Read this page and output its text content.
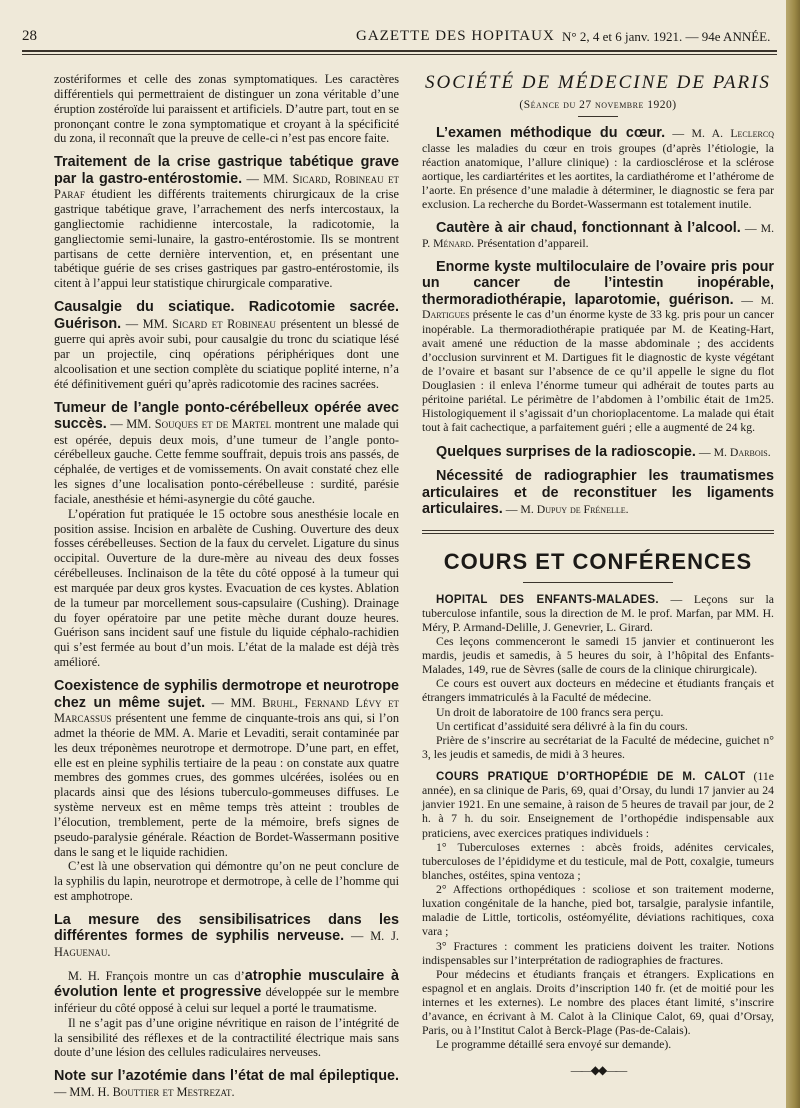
28	GAZETTE DES HOPITAUX N° 2, 4 et 6 janv. 1921. — 94e ANNÉE.

zostériformes et celle des zonas symptomatiques. Les caractères différentiels qui permettraient de distinguer un zona véritable d’une éruption zostéroïde lui paraissent et artificiels. D’autre part, tout en se prononçant contre le zona symptomatique et croyant à la spécificité du zona, il reconnaît que la preuve de celle-ci n’est pas encore faite.

Traitement de la crise gastrique tabétique grave par la gastro-entérostomie. — MM. Sicard, Robineau et Paraf étudient les différents traitements chirurgicaux de la crise gastrique tabétique grave, l’arrachement des nerfs intercostaux, la gangliectomie rachidienne intercostale, la radicotomie, la gangliectomie semi-lunaire, la gastro-entérostomie. Ils se montrent partisans de cette dernière intervention, et, en présentant une tabétique guérie de ses crises gastriques par gastro-entérostomie, ils citent à l’appui leur statistique chirurgicale comparative.

Causalgie du sciatique. Radicotomie sacrée. Guérison. — MM. Sicard et Robineau présentent un blessé de guerre qui après avoir subi, pour causalgie du tronc du sciatique lésé par un projectile, cinq opérations périphériques dont une alcoolisation et une section complète du sciatique poplité interne, n’a été définitivement guéri qu’après radicotomie des racines sacrées.

Tumeur de l’angle ponto-cérébelleux opérée avec succès. — MM. Souques et de Martel montrent une malade qui est opérée, depuis deux mois, d’une tumeur de l’angle ponto-cérébelleux gauche. Cette femme souffrait, depuis trois ans passés, de céphalée, de vertiges et de vomissements. On avait constaté chez elle les signes d’une localisation ponto-cérébelleuse : surdité, parésie faciale, anesthésie et hémi-asynergie du côté gauche.

L’opération fut pratiquée le 15 octobre sous anesthésie locale en position assise. Incision en arbalète de Cushing. Ouverture des deux fosses cérébelleuses. Section de la faux du cervelet. Ligature du sinus occipital. Ouverture de la dure-mère au niveau des deux fosses cérébelleuses. Inclinaison de la tête du côté opposé à la tumeur qui est marquée par deux gros kystes. Evacuation de ces kystes. Ablation de la tumeur par morcellement sous-capsulaire (Cushing). Drainage du foyer opératoire par une petite mèche durant douze heures. Guérison sans incident sauf une fistule du liquide céphalo-rachidien qui s’est fermée au bout d’un mois. L’état de la malade est déjà très amélioré.

Coexistence de syphilis dermotrope et neurotrope chez un même sujet. — MM. Bruhl, Fernand Lévy et Marcassus présentent une femme de cinquante-trois ans qui, si l’on admet la théorie de MM. A. Marie et Levaditi, serait contaminée par les deux tréponèmes neurotrope et dermotrope. D’une part, en effet, elle est en pleine syphilis tertiaire de la peau : on constate aux quatre membres des gommes crues, des gommes ulcérées, isolées ou en placards ainsi que des lésions tuberculo-gommeuses diffuses. Le système nerveux est en même temps très atteint : troubles de l’élocution, tremblement, perte de la mémoire, brefs signes de pseudo-paralysie générale. Réaction de Bordet-Wassermann positive dans le sang et le liquide rachidien.

C’est là une observation qui démontre qu’on ne peut conclure de la syphilis du lapin, neurotrope et dermotrope, à celle de l’homme qui est amphotrope.

La mesure des sensibilisatrices dans les différentes formes de syphilis nerveuse. — M. J. Haguenau.

M. H. François montre un cas d’atrophie musculaire à évolution lente et progressive développée sur le membre inférieur du côté opposé à celui sur lequel a porté le traumatisme.

Il ne s’agit pas d’une origine névritique en raison de l’intégrité de la sensibilité des réflexes et de la contractilité électrique mais sans doute d’une lésion des cellules radiculaires nerveuses.

Note sur l’azotémie dans l’état de mal épileptique. — MM. H. Bouttier et Mestrezat.

SOCIÉTÉ DE MÉDECINE DE PARIS
(Séance du 27 novembre 1920)

L’examen méthodique du cœur. — M. A. Leclercq classe les maladies du cœur en trois groupes (d’après l’étiologie, la réaction anatomique, l’allure clinique) : la cardiosclérose et la sclérose aortique, les cardiartérites et les aortites, la cardiathérome et l’athérome de l’aorte. En présence d’une maladie à déterminer, le diagnostic se fera par exclusion. La recherche du Bordet-Wassermann est totalement inutile.

Cautère à air chaud, fonctionnant à l’alcool. — M. P. Ménard. Présentation d’appareil.

Enorme kyste multiloculaire de l’ovaire pris pour un cancer de l’intestin inopérable, thermoradiothérapie, laparotomie, guérison. — M. Dartigues présente le cas d’un énorme kyste de 33 kg. pris pour un cancer inopérable. La thermoradiothérapie pratiquée par M. de Keating-Hart, avait amené une réduction de la masse abdominale ; des accidents d’occlusion survinrent et M. Dartigues fit le diagnostic de kyste végétant de l’ovaire et basant sur l’absence de ce qu’il appelle le signe du flot Douglasien : il enleva l’énorme tumeur qui adhérait de toutes parts au péritoine pariétal. Le périmètre de l’abdomen à l’ombilic était de 1m25. Histologiquement il s’agissait d’un chorioplacentome. La malade qui était tout à fait cachectique, a parfaitement guéri ; elle a augmenté de 24 kg.

Quelques surprises de la radioscopie. — M. Darbois.

Nécessité de radiographier les traumatismes articulaires et de reconstituer les ligaments articulaires. — M. Dupuy de Frénelle.

COURS ET CONFÉRENCES

HOPITAL DES ENFANTS-MALADES. — Leçons sur la tuberculose infantile, sous la direction de M. le prof. Marfan, par MM. H. Méry, P. Armand-Delille, J. Genevrier, L. Girard.

Ces leçons commenceront le samedi 15 janvier et continueront les mardis, jeudis et samedis, à 5 heures du soir, à l’hôpital des Enfants-Malades, 149, rue de Sèvres (salle de cours de la clinique chirurgicale).

Ce cours est ouvert aux docteurs en médecine et étudiants français et étrangers immatriculés à la Faculté de médecine.

Un droit de laboratoire de 100 francs sera perçu.

Un certificat d’assiduité sera délivré à la fin du cours.

Prière de s’inscrire au secrétariat de la Faculté de médecine, guichet n° 3, les jeudis et samedis, de midi à 3 heures.

COURS PRATIQUE D’ORTHOPÉDIE DE M. CALOT (11e année), en sa clinique de Paris, 69, quai d’Orsay, du lundi 17 janvier au 24 janvier 1921. En une semaine, à raison de 5 heures de travail par jour, de 2 h. à 7 h. du soir. Enseignement de l’orthopédie indispensable aux praticiens, avec exercices pratiques individuels :

1° Tuberculoses externes : abcès froids, adénites cervicales, tuberculoses de l’épididyme et du testicule, mal de Pott, coxalgie, tumeurs blanches, ostéites, spina ventoza ;

2° Affections orthopédiques : scoliose et son traitement moderne, luxation congénitale de la hanche, pied bot, tarsalgie, paralysie infantile, maladie de Little, torticolis, ostéomyélite, déviations rachitiques, coxa vara ;

3° Fractures : comment les praticiens doivent les traiter. Notions indispensables sur l’interprétation de radiographies de fractures.

Pour médecins et étudiants français et étrangers. Explications en espagnol et en anglais. Droits d’inscription 140 fr. (et de moitié pour les internes et les externes). Le nombre des places étant limité, s’inscrire d’avance, en écrivant à M. Calot à la Clinique Calot, 69, quai d’Orsay, Paris, ou à l’Institut Calot à Berck-Plage (Pas-de-Calais).

Le programme détaillé sera envoyé sur demande).

——◆◆——
